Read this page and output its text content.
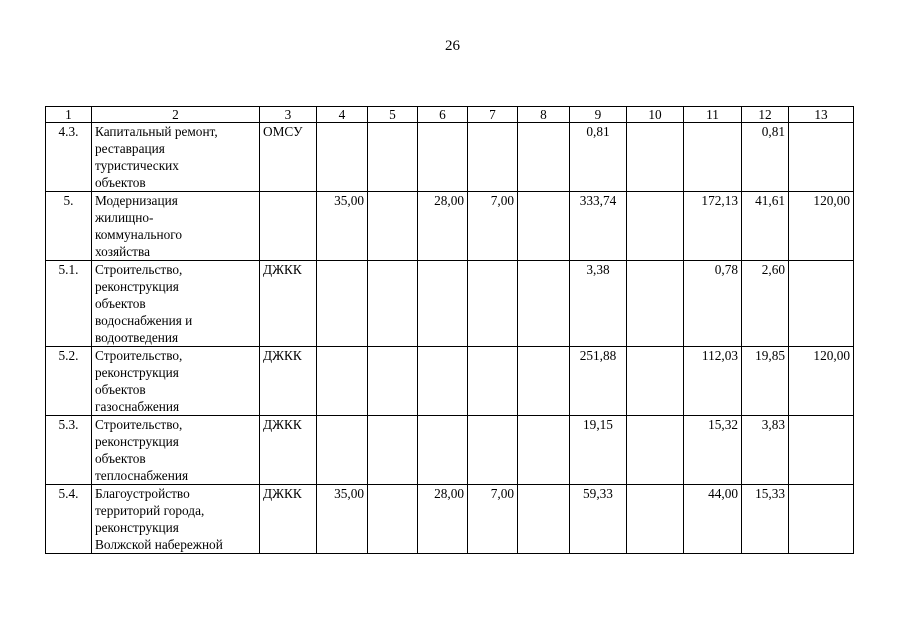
26
1	2	3	4	5	6	7	8	9	10	11	12	13
4.3.	Капитальный ремонт,
реставрация
туристических
объектов	ОМСУ						0,81			0,81	
5.	Модернизация
жилищно-
коммунального
хозяйства		35,00		28,00	7,00		333,74		172,13	41,61	120,00
5.1.	Строительство,
реконструкция
объектов
водоснабжения и
водоотведения	ДЖКК						3,38		0,78	2,60	
5.2.	Строительство,
реконструкция
объектов
газоснабжения	ДЖКК						251,88		112,03	19,85	120,00
5.3.	Строительство,
реконструкция
объектов
теплоснабжения	ДЖКК						19,15		15,32	3,83	
5.4.	Благоустройство
территорий города,
реконструкция
Волжской набережной	ДЖКК	35,00		28,00	7,00		59,33		44,00	15,33	
